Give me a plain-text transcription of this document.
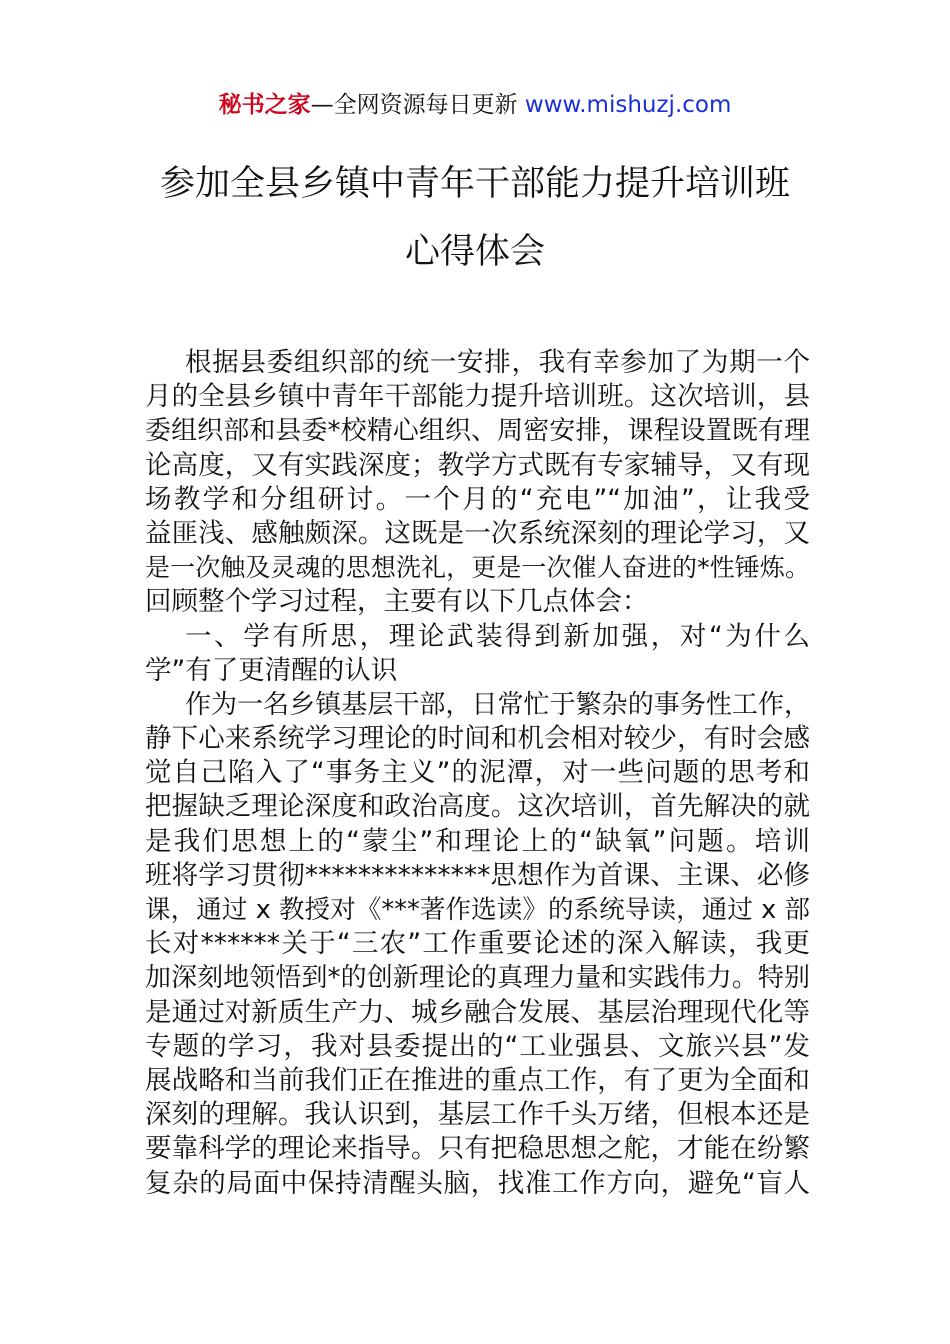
秘书之家—全网资源每日更新 www.mishuzj.com
参加全县乡镇中青年干部能力提升培训班
心得体会
根据县委组织部的统一安排，我有幸参加了为期一个
月的全县乡镇中青年干部能力提升培训班。这次培训，县
委组织部和县委*校精心组织、周密安排，课程设置既有理
论高度，又有实践深度；教学方式既有专家辅导，又有现
场教学和分组研讨。一个月的“充电”“加油”，让我受
益匪浅、感触颇深。这既是一次系统深刻的理论学习，又
是一次触及灵魂的思想洗礼，更是一次催人奋进的*性锤炼。
回顾整个学习过程，主要有以下几点体会：
一、学有所思，理论武装得到新加强，对“为什么
学”有了更清醒的认识
作为一名乡镇基层干部，日常忙于繁杂的事务性工作，
静下心来系统学习理论的时间和机会相对较少，有时会感
觉自己陷入了“事务主义”的泥潭，对一些问题的思考和
把握缺乏理论深度和政治高度。这次培训，首先解决的就
是我们思想上的“蒙尘”和理论上的“缺氧”问题。培训
班将学习贯彻**************思想作为首课、主课、必修
课，通过 x 教授对《***著作选读》的系统导读，通过 x 部
长对******关于“三农”工作重要论述的深入解读，我更
加深刻地领悟到*的创新理论的真理力量和实践伟力。特别
是通过对新质生产力、城乡融合发展、基层治理现代化等
专题的学习，我对县委提出的“工业强县、文旅兴县”发
展战略和当前我们正在推进的重点工作，有了更为全面和
深刻的理解。我认识到，基层工作千头万绪，但根本还是
要靠科学的理论来指导。只有把稳思想之舵，才能在纷繁
复杂的局面中保持清醒头脑，找准工作方向，避免“盲人
